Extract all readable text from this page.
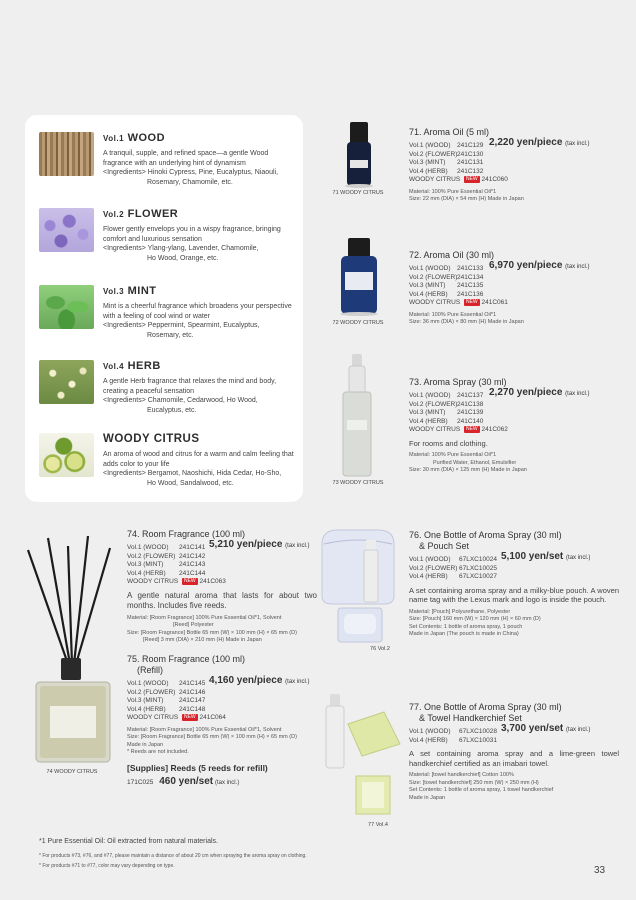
Vol.1 WOOD
A tranquil, supple, and refined space—a gentle Wood fragrance with an underlying hint of dynamism
<Ingredients> Hinoki Cypress, Pine, Eucalyptus, Niaouli,
Rosemary, Chamomile, etc.
Vol.2 FLOWER
Flower gently envelops you in a wispy fragrance, bringing comfort and luxurious sensation
<Ingredients> Ylang-ylang, Lavender, Chamomile,
Ho Wood, Orange, etc.
Vol.3 MINT
Mint is a cheerful fragrance which broadens your perspective with a feeling of cool wind or water
<Ingredients> Peppermint, Spearmint, Eucalyptus,
Rosemary, etc.
Vol.4 HERB
A gentle Herb fragrance that relaxes the mind and body, creating a peaceful sensation
<Ingredients> Chamomile, Cedarwood, Ho Wood,
Eucalyptus, etc.
WOODY CITRUS
An aroma of wood and citrus for a warm and calm feeling that adds color to your life
<Ingredients> Bergamot, Naoshichi, Hida Cedar, Ho-Sho,
Ho Wood, Sandalwood, etc.
71 WOODY CITRUS
71. Aroma Oil (5 ml)
Vol.1 (WOOD) 241C129 2,220 yen/piece (tax incl.)
Vol.2 (FLOWER) 241C130
Vol.3 (MINT) 241C131
Vol.4 (HERB) 241C132
WOODY CITRUS NEW 241C060
Material: 100% Pure Essential Oil*1
Size: 22 mm (DIA) × 54 mm (H) Made in Japan
72 WOODY CITRUS
72. Aroma Oil (30 ml)
Vol.1 (WOOD) 241C133 6,970 yen/piece (tax incl.)
Vol.2 (FLOWER) 241C134
Vol.3 (MINT) 241C135
Vol.4 (HERB) 241C136
WOODY CITRUS NEW 241C061
Material: 100% Pure Essential Oil*1
Size: 36 mm (DIA) × 80 mm (H) Made in Japan
73 WOODY CITRUS
73. Aroma Spray (30 ml)
Vol.1 (WOOD) 241C137 2,270 yen/piece (tax incl.)
Vol.2 (FLOWER) 241C138
Vol.3 (MINT) 241C139
Vol.4 (HERB) 241C140
WOODY CITRUS NEW 241C062
For rooms and clothing.
Material: 100% Pure Essential Oil*1
Purified Water, Ethanol, Emulsifier
Size: 30 mm (DIA) × 125 mm (H) Made in Japan
74 WOODY CITRUS
74. Room Fragrance (100 ml)
Vol.1 (WOOD) 241C141 5,210 yen/piece (tax incl.)
Vol.2 (FLOWER) 241C142
Vol.3 (MINT) 241C143
Vol.4 (HERB) 241C144
WOODY CITRUS NEW 241C063
A gentle natural aroma that lasts for about two months. Includes five reeds.
Material: [Room Fragrance] 100% Pure Essential Oil*1, Solvent
[Reed] Polyester
Size: [Room Fragrance] Bottle 65 mm (W) × 100 mm (H) × 65 mm (D)
[Reed] 3 mm (DIA) × 210 mm (H) Made in Japan
75. Room Fragrance (100 ml)
(Refill)
Vol.1 (WOOD) 241C145 4,160 yen/piece (tax incl.)
Vol.2 (FLOWER) 241C146
Vol.3 (MINT) 241C147
Vol.4 (HERB) 241C148
WOODY CITRUS NEW 241C064
Material: [Room Fragrance] 100% Pure Essential Oil*1, Solvent
Size: [Room Fragrance] Bottle 65 mm (W) × 100 mm (H) × 65 mm (D)
Made in Japan
* Reeds are not included.
[Supplies] Reeds (5 reeds for refill)
171C025 460 yen/set (tax incl.)
76 Vol.2
76. One Bottle of Aroma Spray (30 ml)
& Pouch Set
Vol.1 (WOOD) 67LXC10024 5,100 yen/set (tax incl.)
Vol.2 (FLOWER) 67LXC10025
Vol.4 (HERB) 67LXC10027
A set containing aroma spray and a milky-blue pouch. A woven name tag with the Lexus mark and logo is inside the pouch.
Material: [Pouch] Polyurethane, Polyester
Size: [Pouch] 160 mm (W) × 120 mm (H) × 60 mm (D)
Set Contents: 1 bottle of aroma spray, 1 pouch
Made in Japan (The pouch is made in China)
77 Vol.4
77. One Bottle of Aroma Spray (30 ml)
& Towel Handkerchief Set
Vol.1 (WOOD) 67LXC10028 3,700 yen/set (tax incl.)
Vol.4 (HERB) 67LXC10031
A set containing aroma spray and a lime-green towel handkerchief certified as an imabari towel.
Material: [towel handkerchief] Cotton 100%
Size: [towel handkerchief] 250 mm (W) × 250 mm (H)
Set Contents: 1 bottle of aroma spray, 1 towel handkerchief
Made in Japan
*1 Pure Essential Oil: Oil extracted from natural materials.
* For products #73, #76, and #77, please maintain a distance of about 20 cm when spraying the aroma spray on clothing.
* For products #71 to #77, color may vary depending on type.	33
